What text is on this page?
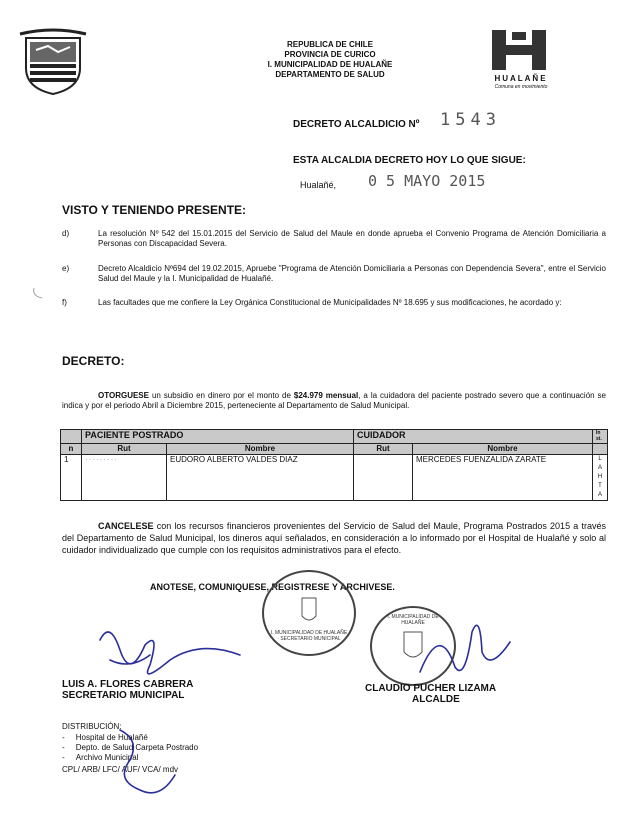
REPUBLICA DE CHILE
PROVINCIA DE CURICO
I. MUNICIPALIDAD DE HUALAÑE
DEPARTAMENTO DE SALUD	HUALAÑE
Comuna en movimiento
DECRETO ALCALDICIO Nº 1543
ESTA ALCALDIA DECRETO HOY LO QUE SIGUE:
Hualañé, 0 5 MAYO 2015
VISTO Y TENIENDO PRESENTE:
d)	La resolución Nº 542 del 15.01.2015 del Servicio de Salud del Maule en donde aprueba el Convenio Programa de Atención Domiciliaria a Personas con Discapacidad Severa.
e)	Decreto Alcaldicio Nº694 del 19.02.2015, Apruebe "Programa de Atención Domiciliaria a Personas con Dependencia Severa", entre el Servicio Salud del Maule y la I. Municipalidad de Hualañé.
f)	Las facultades que me confiere la Ley Orgánica Constitucional de Municipalidades Nº 18.695 y sus modificaciones, he acordado y:
DECRETO:
OTORGUESE un subsidio en dinero por el monto de $24.979 mensual, a la cuidadora del paciente postrado severo que a continuación se indica y por el periodo Abril a Diciembre 2015, perteneciente al Departamento de Salud Municipal.
	PACIENTE POSTRADO		CUIDADOR		In st.
n	Rut	Nombre	Rut	Nombre	
1	·········	EUDORO ALBERTO VALDES DIAZ		MERCEDES FUENZALIDA ZARATE	L
A
H
T
A
CANCELESE con los recursos financieros provenientes del Servicio de Salud del Maule, Programa Postrados 2015 a través del Departamento de Salud Municipal, los dineros aquí señalados, en consideración a lo informado por el Hospital de Hualañé y solo al cuidador individualizado que cumple con los requisitos administrativos para el efecto.
ANOTESE, COMUNIQUESE, REGISTRESE Y ARCHIVESE.
I. MUNICIPALIDAD DE HUALAÑE · SECRETARIO MUNICIPAL
I. MUNICIPALIDAD DE HUALAÑE
LUIS A. FLORES CABRERA
SECRETARIO MUNICIPAL
CLAUDIO PUCHER LIZAMA
ALCALDE
DISTRIBUCIÓN:
-     Hospital de Hualañé
-     Depto. de Salud Carpeta Postrado
-     Archivo Municipal
CPL/ ARB/ LFC/ AUF/ VCA/ mdv
